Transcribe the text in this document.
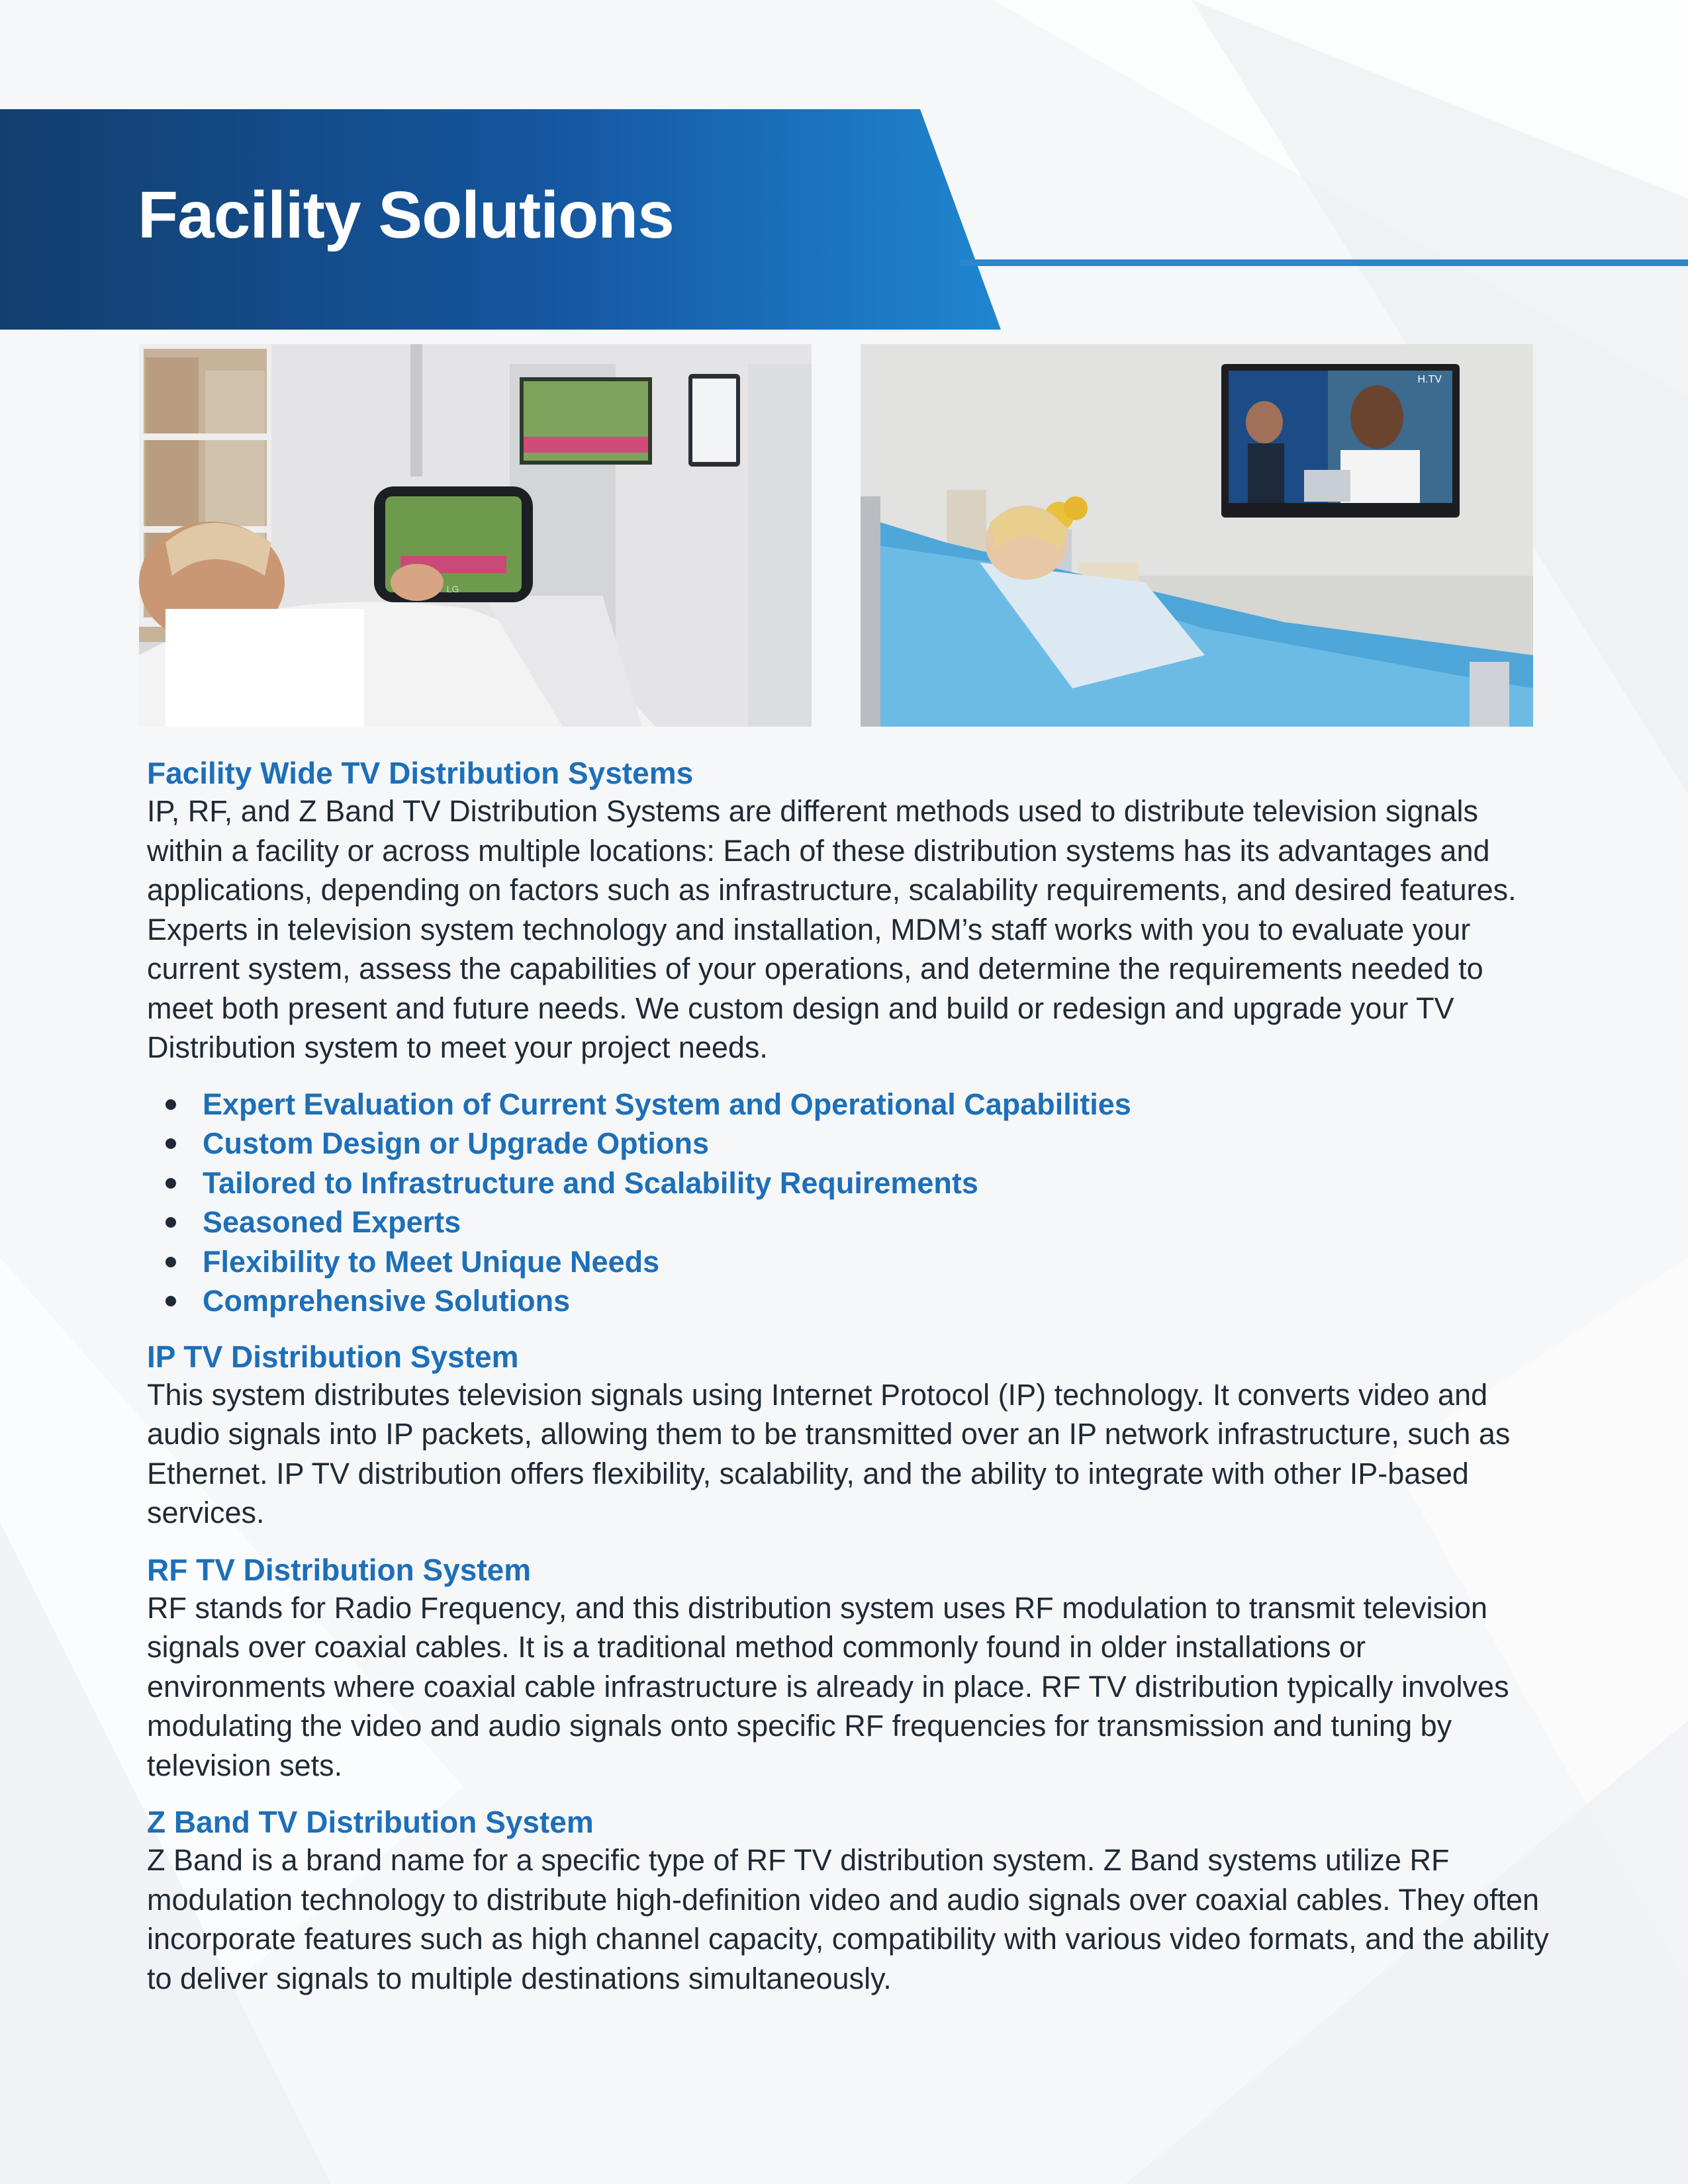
Facility Solutions
LG
H.TV
Facility Wide TV Distribution Systems

IP, RF, and Z Band TV Distribution Systems are different methods used to distribute television signals within a facility or across multiple locations: Each of these distribution systems has its advantages and applications, depending on factors such as infrastructure, scalability requirements, and desired features. Experts in television system technology and installation, MDM’s staff works with you to evaluate your current system, assess the capabilities of your operations, and determine the requirements needed to meet both present and future needs. We custom design and build or redesign and upgrade your TV Distribution system to meet your project needs.

Expert Evaluation of Current System and Operational Capabilities
Custom Design or Upgrade Options
Tailored to Infrastructure and Scalability Requirements
Seasoned Experts
Flexibility to Meet Unique Needs
Comprehensive Solutions
IP TV Distribution System

This system distributes television signals using Internet Protocol (IP) technology. It converts video and audio signals into IP packets, allowing them to be transmitted over an IP network infrastructure, such as Ethernet. IP TV distribution offers flexibility, scalability, and the ability to integrate with other IP-based services.

RF TV Distribution System

RF stands for Radio Frequency, and this distribution system uses RF modulation to transmit television signals over coaxial cables. It is a traditional method commonly found in older installations or environments where coaxial cable infrastructure is already in place. RF TV distribution typically involves modulating the video and audio signals onto specific RF frequencies for transmission and tuning by television sets.

Z Band TV Distribution System

Z Band is a brand name for a specific type of RF TV distribution system. Z Band systems utilize RF modulation technology to distribute high-definition video and audio signals over coaxial cables. They often incorporate features such as high channel capacity, compatibility with various video formats, and the ability to deliver signals to multiple destinations simultaneously.
